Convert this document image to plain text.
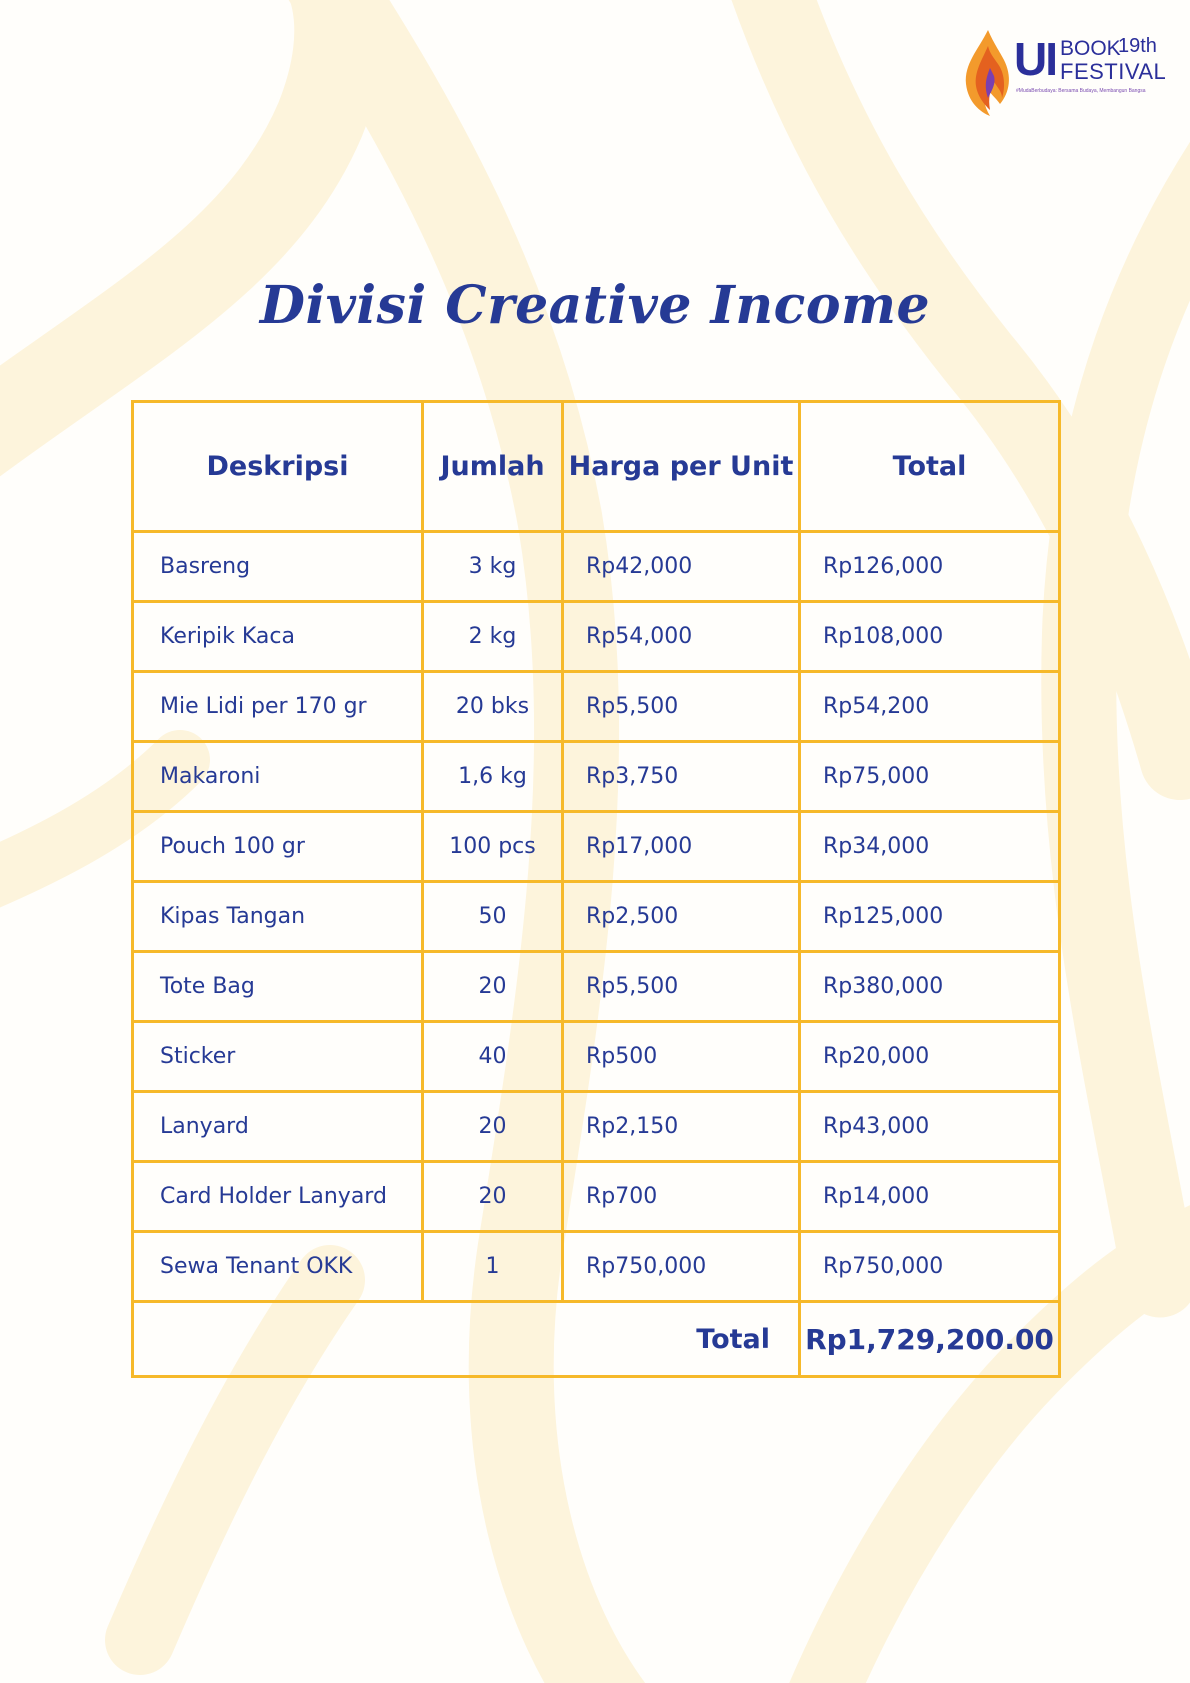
UI BOOK
19th
FESTIVAL
#MudaBerbudaya: Bersama Budaya, Membangun Bangsa
Divisi Creative Income
Deskripsi	Jumlah	Harga per Unit	Total
Basreng	3 kg	Rp42,000	Rp126,000
Keripik Kaca	2 kg	Rp54,000	Rp108,000
Mie Lidi per 170 gr	20 bks	Rp5,500	Rp54,200
Makaroni	1,6 kg	Rp3,750	Rp75,000
Pouch 100 gr	100 pcs	Rp17,000	Rp34,000
Kipas Tangan	50	Rp2,500	Rp125,000
Tote Bag	20	Rp5,500	Rp380,000
Sticker	40	Rp500	Rp20,000
Lanyard	20	Rp2,150	Rp43,000
Card Holder Lanyard	20	Rp700	Rp14,000
Sewa Tenant OKK	1	Rp750,000	Rp750,000
Total			Rp1,729,200.00
